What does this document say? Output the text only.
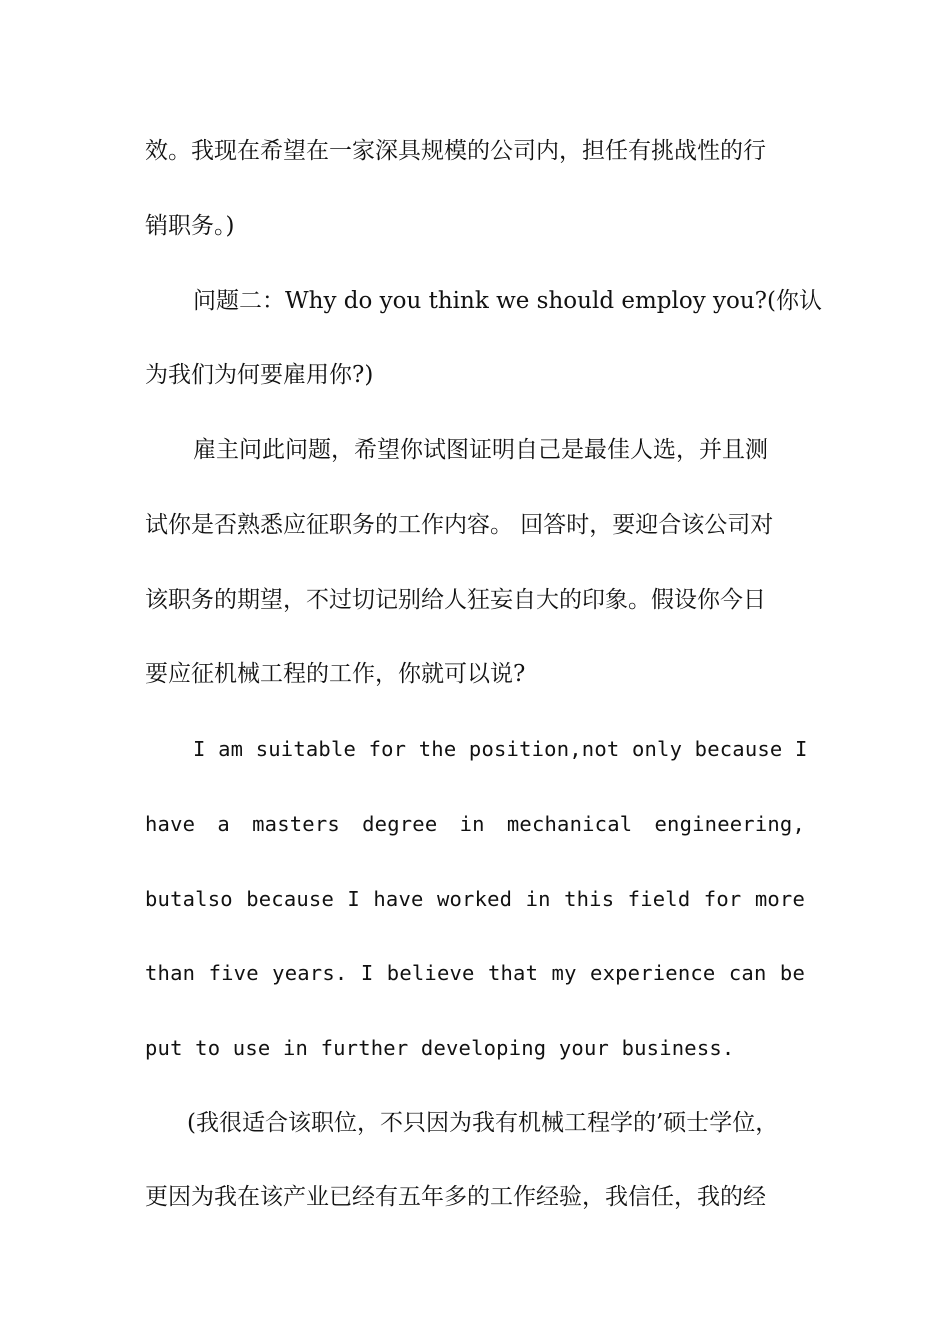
效。我现在希望在一家深具规模的公司内，担任有挑战性的行
销职务。)
问题二：Why do you think we should employ you?(你认
为我们为何要雇用你?)
雇主问此问题，希望你试图证明自己是最佳人选，并且测
试你是否熟悉应征职务的工作内容。 回答时，要迎合该公司对
该职务的期望，不过切记别给人狂妄自大的印象。假设你今日
要应征机械工程的工作，你就可以说?
I am suitable for the position,not only because I
have a masters degree in mechanical engineering,
butalso because I have worked in this field for more
than five years. I believe that my experience can be
put to use in further developing your business.
(我很适合该职位，不只因为我有机械工程学的’硕士学位，
更因为我在该产业已经有五年多的工作经验，我信任，我的经
